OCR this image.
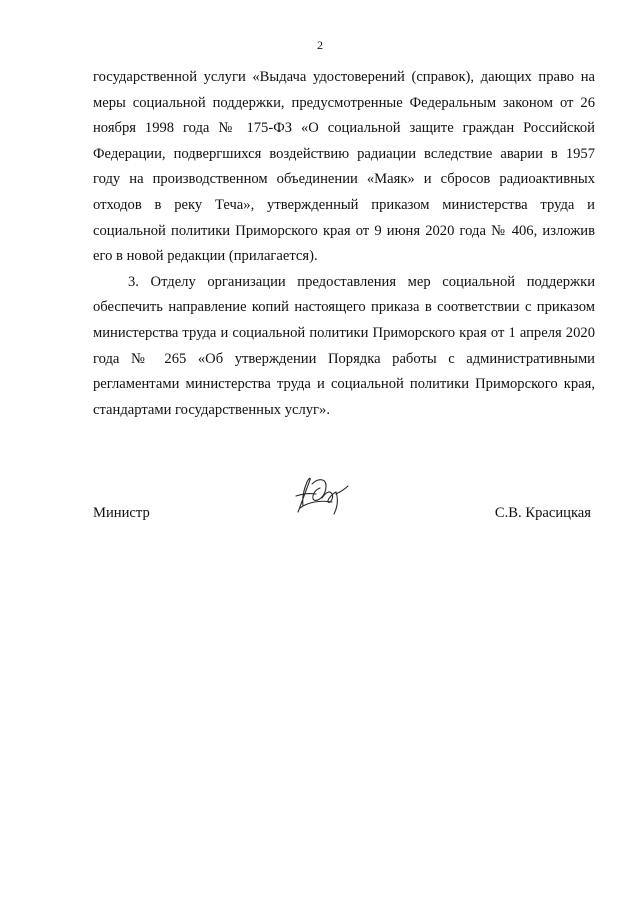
2

государственной услуги «Выдача удостоверений (справок), дающих право на меры социальной поддержки, предусмотренные Федеральным законом от 26 ноября 1998 года № 175-ФЗ «О социальной защите граждан Российской Федерации, подвергшихся воздействию радиации вследствие аварии в 1957 году на производственном объединении «Маяк» и сбросов радиоактивных отходов в реку Теча», утвержденный приказом министерства труда и социальной политики Приморского края от 9 июня 2020 года № 406, изложив его в новой редакции (прилагается).

3. Отделу организации предоставления мер социальной поддержки обеспечить направление копий настоящего приказа в соответствии с приказом министерства труда и социальной политики Приморского края от 1 апреля 2020 года № 265 «Об утверждении Порядка работы с административными регламентами министерства труда и социальной политики Приморского края, стандартами государственных услуг».

Министр	С.В. Красицкая
